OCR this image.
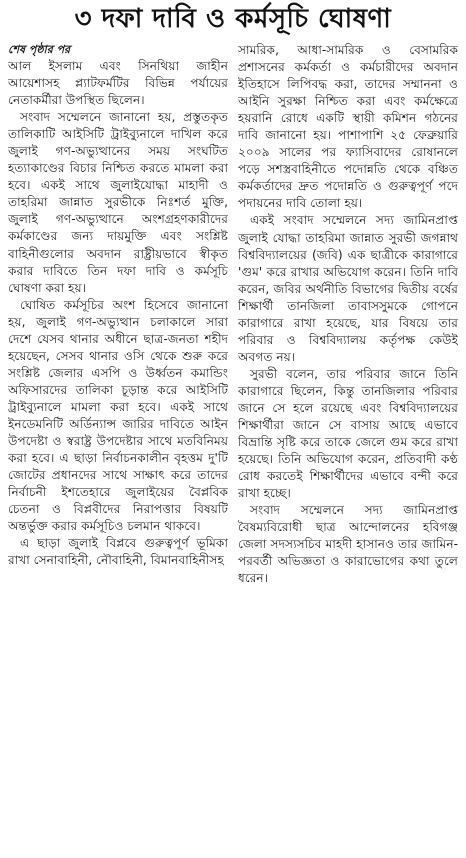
৩ দফা দাবি ও কর্মসূচি ঘোষণা
শেষ পৃষ্ঠার পর

আল ইসলাম এবং সিনথিয়া জাহীন আয়েশাসহ প্ল্যাটফর্মটির বিভিন্ন পর্যায়ের নেতাকর্মীরা উপস্থিত ছিলেন।

সংবাদ সম্মেলনে জানানো হয়, প্রস্তুতকৃত তালিকাটি আইসিটি ট্রাইব্যুনালে দাখিল করে জুলাই গণ-অভ্যুত্থানের সময় সংঘটিত হত্যাকাণ্ডের বিচার নিশ্চিত করতে মামলা করা হবে। একই সাথে জুলাইযোদ্ধা মাহাদী ও তাহরিমা জান্নাত সুরভীকে নিঃশর্ত মুক্তি, জুলাই গণ-অভ্যুত্থানে অংশগ্রহণকারীদের কর্মকাণ্ডের জন্য দায়মুক্তি এবং সংশ্লিষ্ট বাহিনীগুলোর অবদান রাষ্ট্রীয়ভাবে স্বীকৃত করার দাবিতে তিন দফা দাবি ও কর্মসূচি ঘোষণা করা হয়।

ঘোষিত কর্মসূচির অংশ হিসেবে জানানো হয়, জুলাই গণ-অভ্যুত্থান চলাকালে সারা দেশে যেসব থানার অধীনে ছাত্র-জনতা শহীদ হয়েছেন, সেসব থানার ওসি থেকে শুরু করে সংশ্লিষ্ট জেলার এসপি ও উর্ধ্বতন কমান্ডিং অফিসারদের তালিকা চূড়ান্ত করে আইসিটি ট্রাইব্যুনালে মামলা করা হবে। একই সাথে ইনডেমনিটি অর্ডিন্যান্স জারির দাবিতে আইন উপদেষ্টা ও স্বরাষ্ট্র উপদেষ্টার সাথে মতবিনিময় করা হবে। এ ছাড়া নির্বাচনকালীন বৃহত্তম দু'টি জোটের প্রধানদের সাথে সাক্ষাৎ করে তাদের নির্বাচনী ইশতেহারে জুলাইয়ের বৈপ্লবিক চেতনা ও বিপ্লবীদের নিরাপত্তার বিষয়টি অন্তর্ভুক্ত করার কর্মসূচিও চলমান থাকবে।

এ ছাড়া জুলাই বিপ্লবে গুরুত্বপূর্ণ ভূমিকা রাখা সেনাবাহিনী, নৌবাহিনী, বিমানবাহিনীসহ

সামরিক, আধা-সামরিক ও বেসামরিক প্রশাসনের কর্মকর্তা ও কর্মচারীদের অবদান ইতিহাসে লিপিবদ্ধ করা, তাদের সম্মাননা ও আইনি সুরক্ষা নিশ্চিত করা এবং কর্মক্ষেত্রে হয়রানি রোধে একটি স্থায়ী কমিশন গঠনের দাবি জানানো হয়। পাশাপাশি ২৫ ফেব্রুয়ারি ২০০৯ সালের পর ফ্যাসিবাদের রোষানলে পড়ে সশস্ত্রবাহিনীতে পদোন্নতি থেকে বঞ্চিত কর্মকর্তাদের দ্রুত পদোন্নতি ও গুরুত্বপূর্ণ পদে পদায়নের দাবি তোলা হয়।

একই সংবাদ সম্মেলনে সদ্য জামিনপ্রাপ্ত জুলাই যোদ্ধা তাহরিমা জান্নাত সুরভী জগন্নাথ বিশ্ববিদ্যালয়ের (জবি) এক ছাত্রীকে কারাগারে 'গুম' করে রাখার অভিযোগ করেন। তিনি দাবি করেন, জবির অর্থনীতি বিভাগের দ্বিতীয় বর্ষের শিক্ষার্থী তানজিলা তাবাসসুমকে গোপনে কারাগারে রাখা হয়েছে, যার বিষয়ে তার পরিবার ও বিশ্ববিদ্যালয় কর্তৃপক্ষ কেউই অবগত নয়।

সুরভী বলেন, তার পরিবার জানে তিনি কারাগারে ছিলেন, কিন্তু তানজিলার পরিবার জানে সে হলে রয়েছে এবং বিশ্ববিদ্যালয়ের শিক্ষার্থীরা জানে সে বাসায় আছে এভাবে বিভ্রান্তি সৃষ্টি করে তাকে জেলে গুম করে রাখা হয়েছে। তিনি অভিযোগ করেন, প্রতিবাদী কণ্ঠ রোধ করতেই শিক্ষার্থীদের এভাবে বন্দী করে রাখা হচ্ছে।

সংবাদ সম্মেলনে সদ্য জামিনপ্রাপ্ত বৈষম্যবিরোধী ছাত্র আন্দোলনের হবিগঞ্জ জেলা সদস্যসচিব মাহদী হাসানও তার জামিন-পরবর্তী অভিজ্ঞতা ও কারাভোগের কথা তুলে ধরেন।
